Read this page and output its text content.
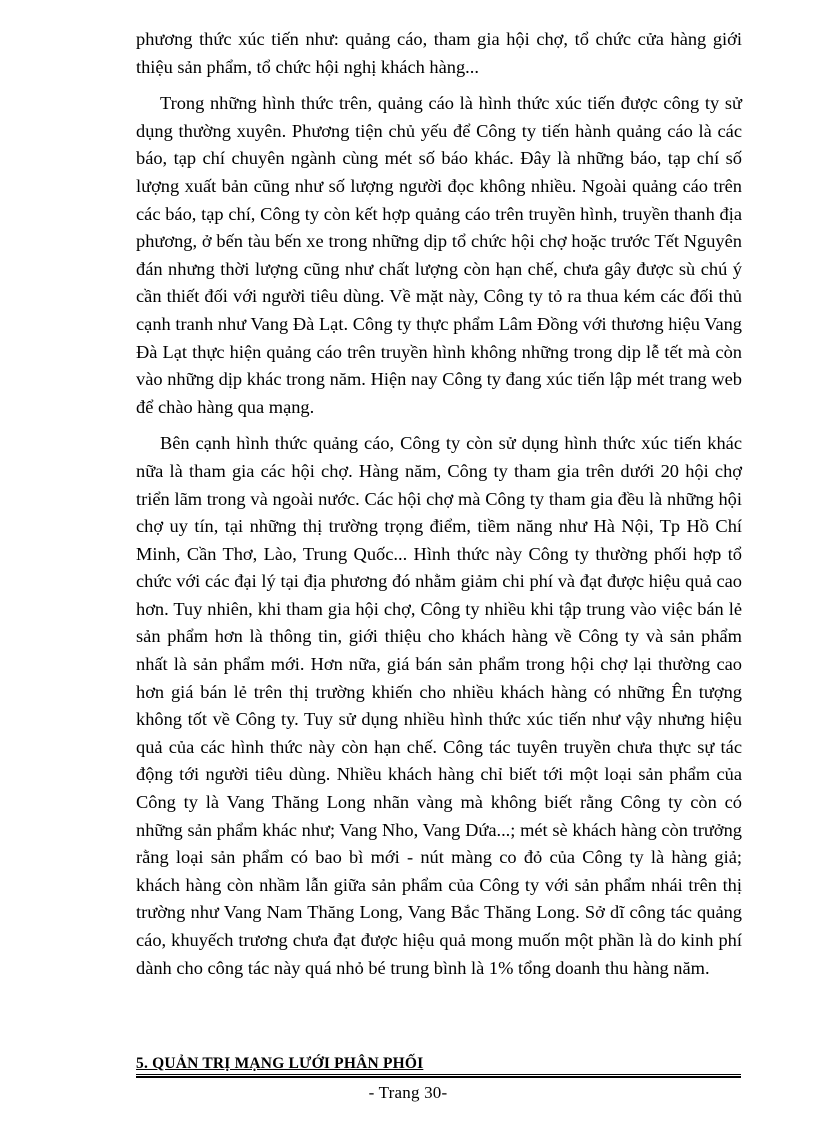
phương thức xúc tiến như: quảng cáo, tham gia hội chợ, tổ chức cửa hàng giới thiệu sản phẩm, tổ chức hội nghị khách hàng...

Trong những hình thức trên, quảng cáo là hình thức xúc tiến được công ty sử dụng thường xuyên. Phương tiện chủ yếu để Công ty tiến hành quảng cáo là các báo, tạp chí chuyên ngành cùng mét số báo khác. Đây là những báo, tạp chí số lượng xuất bản cũng như số lượng người đọc không nhiều. Ngoài quảng cáo trên các báo, tạp chí, Công ty còn kết hợp quảng cáo trên truyền hình, truyền thanh địa phương, ở bến tàu bến xe trong những dịp tổ chức hội chợ hoặc trước Tết Nguyên đán nhưng thời lượng cũng như chất lượng còn hạn chế, chưa gây được sù chú ý cần thiết đối với người tiêu dùng. Về mặt này, Công ty tỏ ra thua kém các đối thủ cạnh tranh như Vang Đà Lạt. Công ty thực phẩm Lâm Đồng với thương hiệu Vang Đà Lạt thực hiện quảng cáo trên truyền hình không những trong dịp lễ tết mà còn vào những dịp khác trong năm. Hiện nay Công ty đang xúc tiến lập mét trang web để chào hàng qua mạng.

Bên cạnh hình thức quảng cáo, Công ty còn sử dụng hình thức xúc tiến khác nữa là tham gia các hội chợ. Hàng năm, Công ty tham gia trên dưới 20 hội chợ triển lãm trong và ngoài nước. Các hội chợ mà Công ty tham gia đều là những hội chợ uy tín, tại những thị trường trọng điểm, tiềm năng như Hà Nội, Tp Hồ Chí Minh, Cần Thơ, Lào, Trung Quốc... Hình thức này Công ty thường phối hợp tổ chức với các đại lý tại địa phương đó nhằm giảm chi phí và đạt được hiệu quả cao hơn. Tuy nhiên, khi tham gia hội chợ, Công ty nhiều khi tập trung vào việc bán lẻ sản phẩm hơn là thông tin, giới thiệu cho khách hàng về Công ty và sản phẩm nhất là sản phẩm mới. Hơn nữa, giá bán sản phẩm trong hội chợ lại thường cao hơn giá bán lẻ trên thị trường khiến cho nhiều khách hàng có những Ên tượng không tốt về Công ty. Tuy sử dụng nhiều hình thức xúc tiến như vậy nhưng hiệu quả của các hình thức này còn hạn chế. Công tác tuyên truyền chưa thực sự tác động tới người tiêu dùng. Nhiều khách hàng chỉ biết tới một loại sản phẩm của Công ty là Vang Thăng Long nhãn vàng mà không biết rằng Công ty còn có những sản phẩm khác như; Vang Nho, Vang Dứa...; mét sè khách hàng còn trưởng rằng loại sản phẩm có bao bì mới - nút màng co đỏ của Công ty là hàng giả; khách hàng còn nhầm lẫn giữa sản phẩm của Công ty với sản phẩm nhái trên thị trường như Vang Nam Thăng Long, Vang Bắc Thăng Long. Sở dĩ công tác quảng cáo, khuyếch trương chưa đạt được hiệu quả mong muốn một phần là do kinh phí dành cho công tác này quá nhỏ bé trung bình là 1% tổng doanh thu hàng năm.

5. QUẢN TRỊ MẠNG LƯỚI PHÂN PHỐI
- Trang 30-
